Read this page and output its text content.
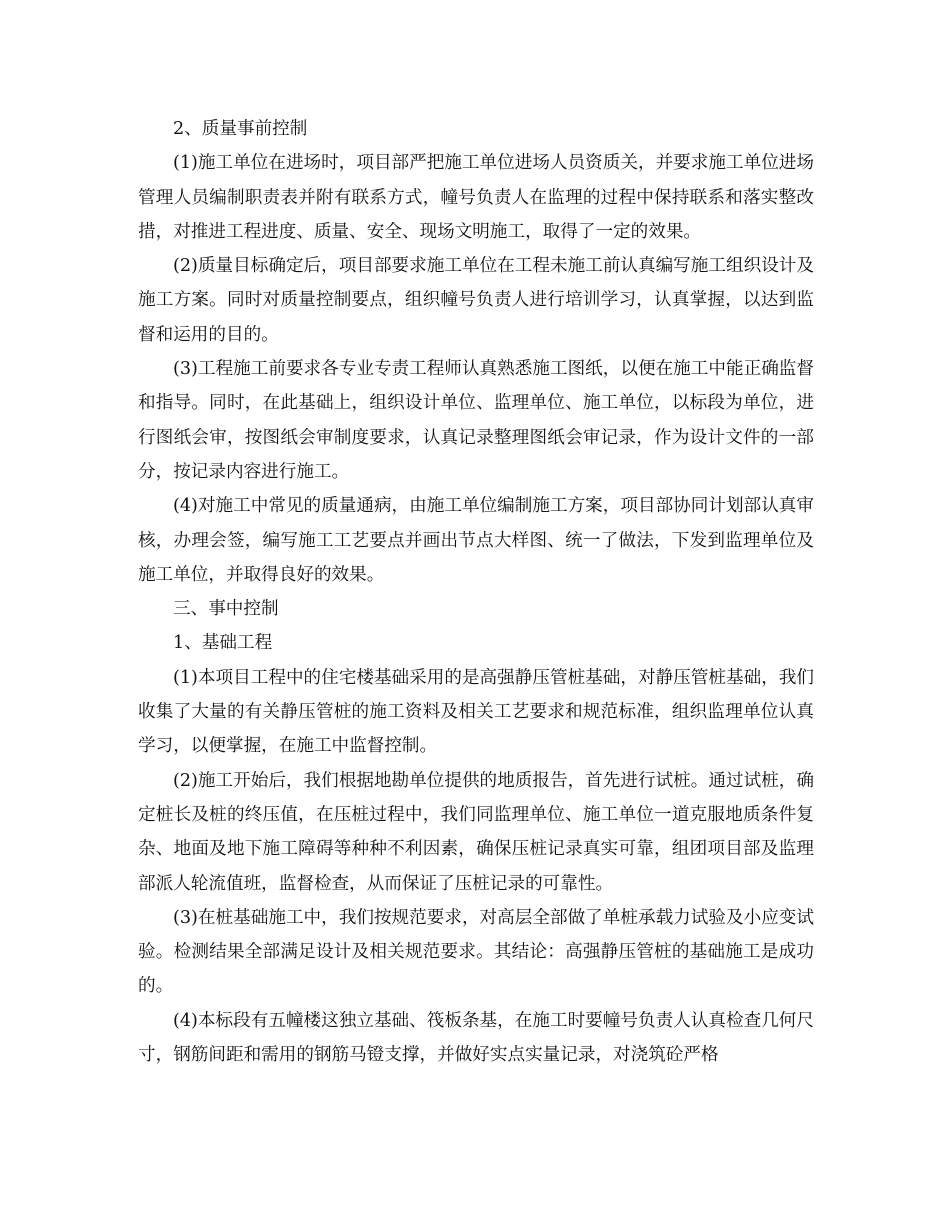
2、质量事前控制

(1)施工单位在进场时，项目部严把施工单位进场人员资质关，并要求施工单位进场管理人员编制职责表并附有联系方式，幢号负责人在监理的过程中保持联系和落实整改措，对推进工程进度、质量、安全、现场文明施工，取得了一定的效果。

(2)质量目标确定后，项目部要求施工单位在工程未施工前认真编写施工组织设计及施工方案。同时对质量控制要点，组织幢号负责人进行培训学习，认真掌握，以达到监督和运用的目的。

(3)工程施工前要求各专业专责工程师认真熟悉施工图纸，以便在施工中能正确监督和指导。同时，在此基础上，组织设计单位、监理单位、施工单位，以标段为单位，进行图纸会审，按图纸会审制度要求，认真记录整理图纸会审记录，作为设计文件的一部分，按记录内容进行施工。

(4)对施工中常见的质量通病，由施工单位编制施工方案，项目部协同计划部认真审核，办理会签，编写施工工艺要点并画出节点大样图、统一了做法，下发到监理单位及施工单位，并取得良好的效果。

三、事中控制

1、基础工程

(1)本项目工程中的住宅楼基础采用的是高强静压管桩基础，对静压管桩基础，我们收集了大量的有关静压管桩的施工资料及相关工艺要求和规范标准，组织监理单位认真学习，以便掌握，在施工中监督控制。

(2)施工开始后，我们根据地勘单位提供的地质报告，首先进行试桩。通过试桩，确定桩长及桩的终压值，在压桩过程中，我们同监理单位、施工单位一道克服地质条件复杂、地面及地下施工障碍等种种不利因素，确保压桩记录真实可靠，组团项目部及监理部派人轮流值班，监督检查，从而保证了压桩记录的可靠性。

(3)在桩基础施工中，我们按规范要求，对高层全部做了单桩承载力试验及小应变试验。检测结果全部满足设计及相关规范要求。其结论：高强静压管桩的基础施工是成功的。

(4)本标段有五幢楼这独立基础、筏板条基，在施工时要幢号负责人认真检查几何尺寸，钢筋间距和需用的钢筋马镫支撑，并做好实点实量记录，对浇筑砼严格
